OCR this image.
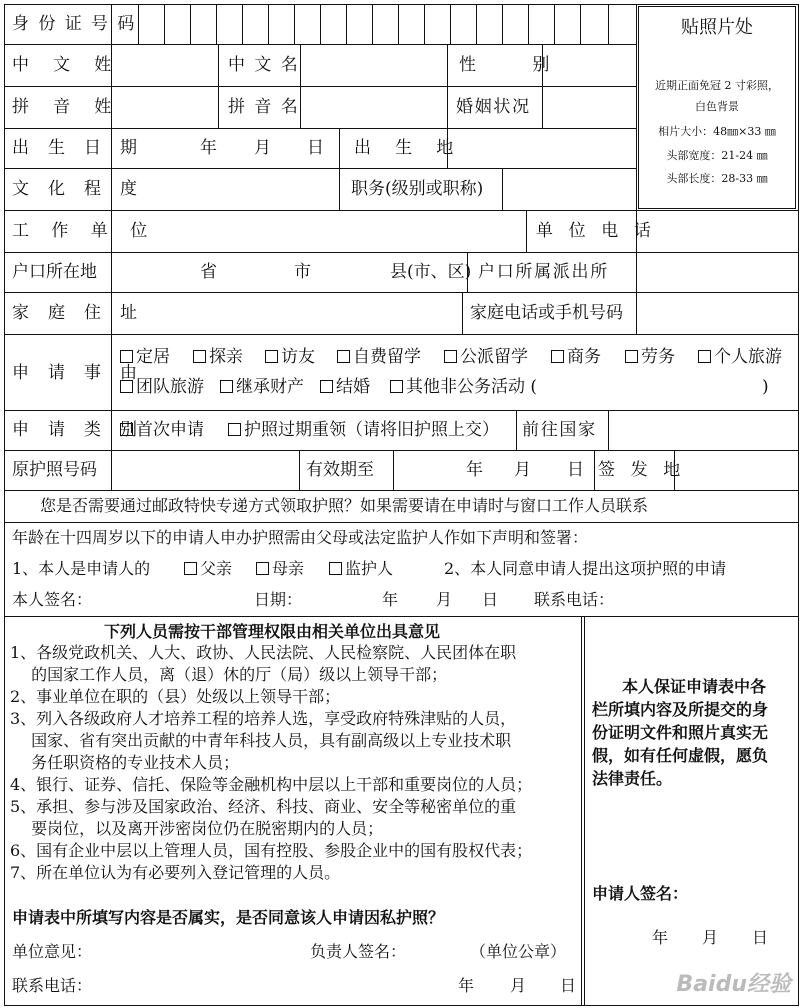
身份证号码	贴照片处
近期正面免冠 2 寸彩照，
白色背景
相片大小：48㎜×33 ㎜
头部宽度：21-24 ㎜
头部长度：28-33 ㎜
中 文 姓	中文名	性 别
拼 音 姓	拼音名	婚姻状况
出 生 日 期	年 月 日 出 生 地
文 化 程 度	职务(级别或职称)
工 作 单 位	单 位 电 话
户口所在地	省	市	县(市、区) 户口所属派出所
家 庭 住 址	家庭电话或手机号码
申 请 事 由
定居	探亲	访友	自费留学	公派留学	商务	劳务	个人旅游
团队旅游	继承财产	结婚	其他非公务活动 (	)
申 请 类 别
首次申请	护照过期重领（请将旧护照上交） 前往国家
原护照号码	有效期至	年 月 日 签 发 地
您是否需要通过邮政特快专递方式领取护照？如果需要请在申请时与窗口工作人员联系
年龄在十四周岁以下的申请人申办护照需由父母或法定监护人作如下声明和签署：
1、本人是申请人的	父亲	母亲	监护人	2、本人同意申请人提出这项护照的申请
本人签名：	日期：	年 月 日 联系电话：
下列人员需按干部管理权限由相关单位出具意见
1、各级党政机关、人大、政协、人民法院、人民检察院、人民团体在职
　 的国家工作人员，离（退）休的厅（局）级以上领导干部；
2、事业单位在职的（县）处级以上领导干部；
3、列入各级政府人才培养工程的培养人选，享受政府特殊津贴的人员，
　 国家、省有突出贡献的中青年科技人员，具有副高级以上专业技术职
　 务任职资格的专业技术人员；
4、银行、证券、信托、保险等金融机构中层以上干部和重要岗位的人员；
5、承担、参与涉及国家政治、经济、科技、商业、安全等秘密单位的重
　 要岗位，以及离开涉密岗位仍在脱密期内的人员；
6、国有企业中层以上管理人员，国有控股、参股企业中的国有股权代表；
7、所在单位认为有必要列入登记管理的人员。
申请表中所填写内容是否属实，是否同意该人申请因私护照？
单位意见：	负责人签名：	（单位公章）
联系电话：	年 月 日
本人保证申请表中各
栏所填内容及所提交的身
份证明文件和照片真实无
假，如有任何虚假，愿负
法律责任。
申请人签名：
年 月 日
Baidu经验
